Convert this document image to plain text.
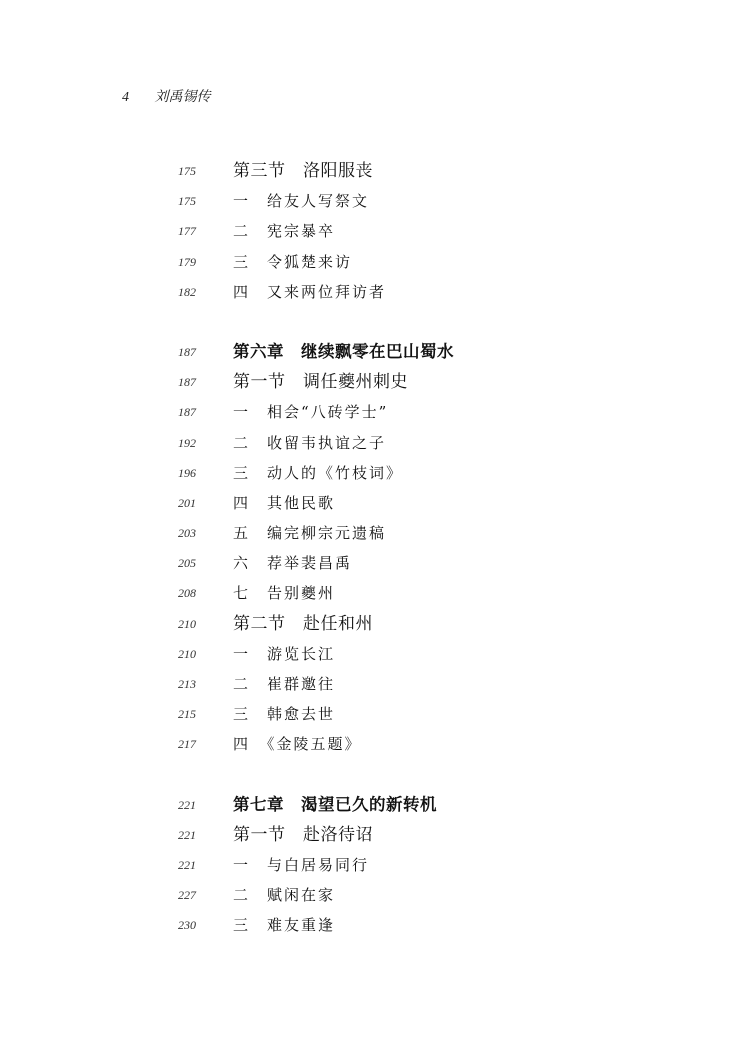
4 刘禹锡传
175	第三节　洛阳服丧
175	一　给友人写祭文
177	二　宪宗暴卒
179	三　令狐楚来访
182	四　又来两位拜访者
187	第六章　继续飘零在巴山蜀水
187	第一节　调任夔州刺史
187	一　相会“八砖学士”
192	二　收留韦执谊之子
196	三　动人的《竹枝词》
201	四　其他民歌
203	五　编完柳宗元遗稿
205	六　荐举裴昌禹
208	七　告别夔州
210	第二节　赴任和州
210	一　游览长江
213	二　崔群邀往
215	三　韩愈去世
217	四　《金陵五题》
221	第七章　渴望已久的新转机
221	第一节　赴洛待诏
221	一　与白居易同行
227	二　赋闲在家
230	三　难友重逢
